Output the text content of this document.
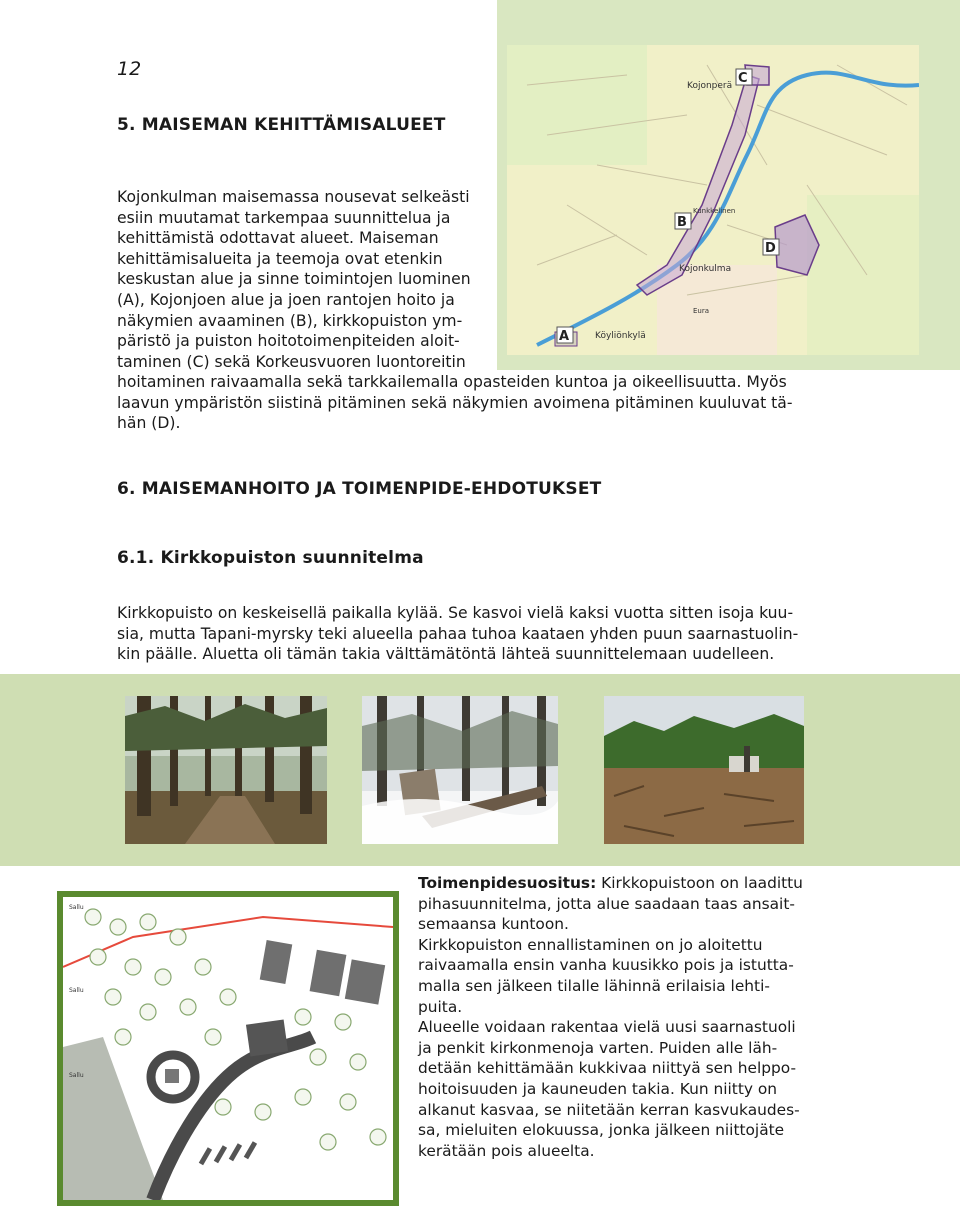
12
5. MAISEMAN KEHITTÄMISALUEET
C
B
D
A
Kojonperä
Kojonkulma
Köyliönkylä
Kunkkelinen
Eura
Kojonkulman maisemassa nousevat selkeästi
esiin muutamat tarkempaa suunnittelua ja
kehittämistä odottavat alueet. Maiseman
kehittämisalueita ja teemoja ovat etenkin
keskustan alue ja sinne toimintojen luominen
(A), Kojonjoen alue ja joen rantojen hoito ja
näkymien avaaminen (B), kirkkopuiston ym-
päristö ja puiston hoitotoimenpiteiden aloit-
taminen (C) sekä Korkeusvuoren luontoreitin
hoitaminen raivaamalla sekä tarkkailemalla opasteiden kuntoa ja oikeellisuutta. Myös
laavun ympäristön siistinä pitäminen sekä näkymien avoimena pitäminen kuuluvat tä-
hän (D).
6. MAISEMANHOITO JA TOIMENPIDE-EHDOTUKSET
6.1. Kirkkopuiston suunnitelma
Kirkkopuisto on keskeisellä paikalla kylää. Se kasvoi vielä kaksi vuotta sitten isoja kuu-
sia, mutta Tapani-myrsky teki alueella pahaa tuhoa kaataen yhden puun saarnastuolin-
kin päälle. Aluetta oli tämän takia välttämätöntä lähteä suunnittelemaan uudelleen.
Sallu
Sallu
Sallu
Toimenpidesuositus: Kirkkopuistoon on laadittu
pihasuunnitelma, jotta alue saadaan taas ansait-
semaansa kuntoon.
Kirkkopuiston ennallistaminen on jo aloitettu
raivaamalla ensin vanha kuusikko pois ja istutta-
malla sen jälkeen tilalle lähinnä erilaisia lehti-
puita.
Alueelle voidaan rakentaa vielä uusi saarnastuoli
ja penkit kirkonmenoja varten. Puiden alle läh-
detään kehittämään kukkivaa niittyä sen helppo-
hoitoisuuden ja kauneuden takia. Kun niitty on
alkanut kasvaa, se niitetään kerran kasvukaudes-
sa, mieluiten elokuussa, jonka jälkeen niittojäte
kerätään pois alueelta.
